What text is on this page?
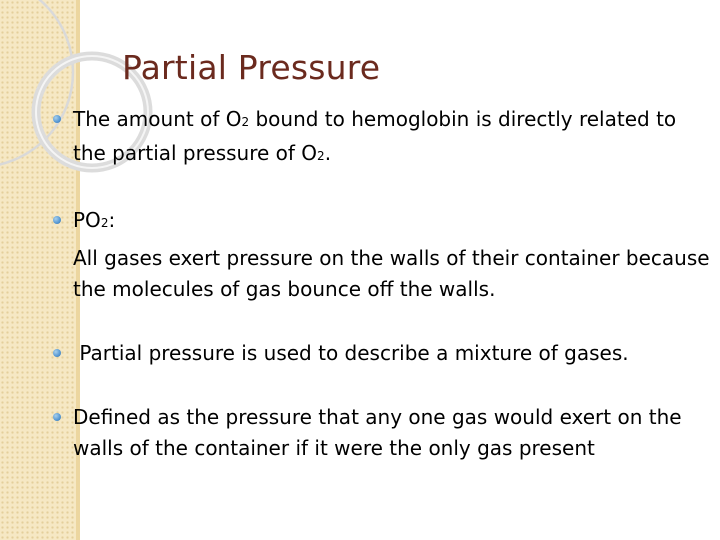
Partial Pressure
The amount of O2 bound to hemoglobin is directly related to the partial pressure of O2.
PO2:
All gases exert pressure on the walls of their container because the molecules of gas bounce off the walls.
Partial pressure is used to describe a mixture of gases.
Defined as the pressure that any one gas would exert on the walls of the container if it were the only gas present
